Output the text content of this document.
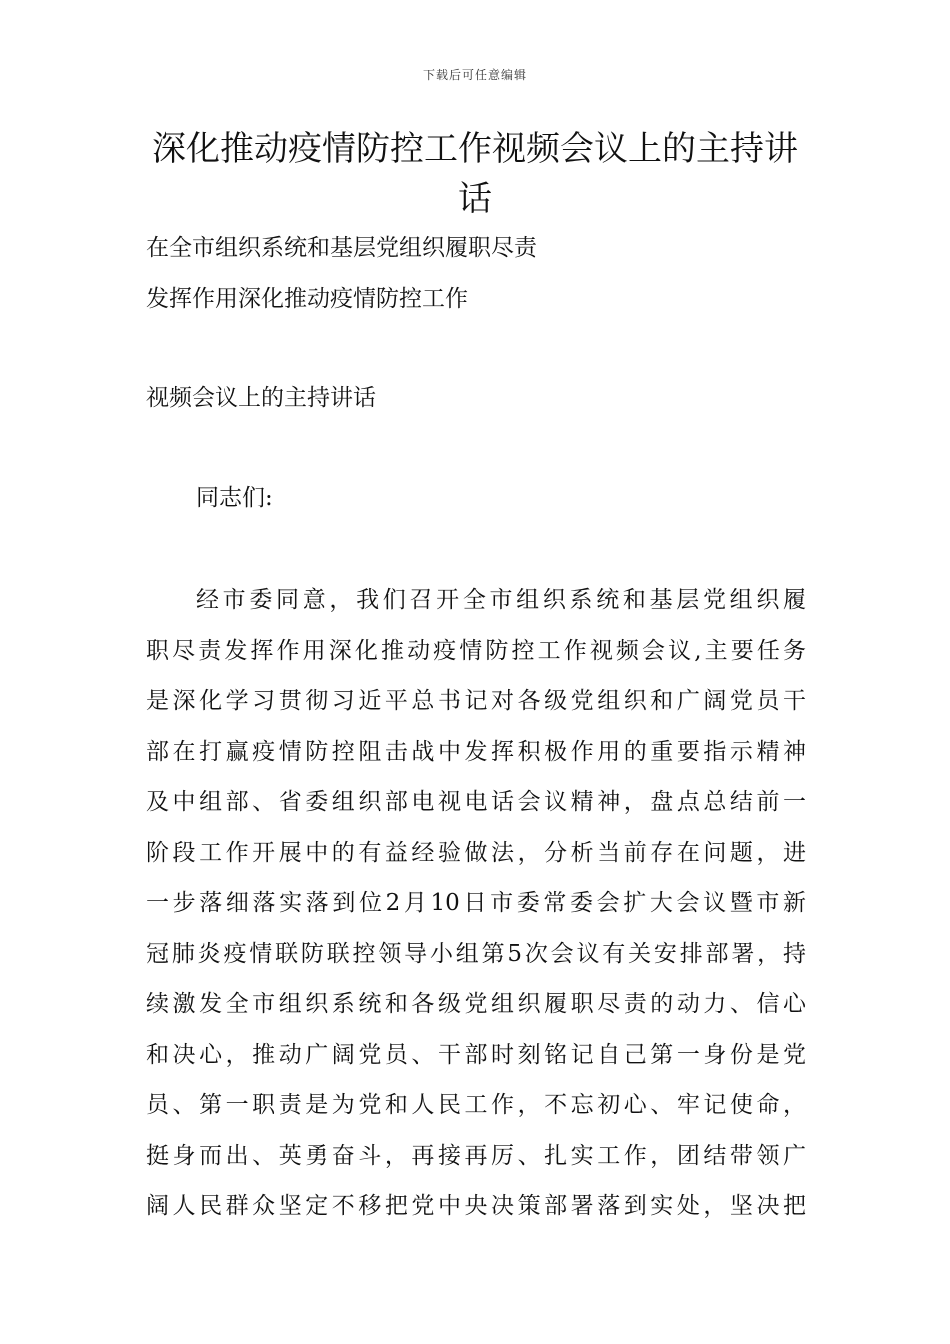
下载后可任意编辑
深化推动疫情防控工作视频会议上的主持讲话
在全市组织系统和基层党组织履职尽责
发挥作用深化推动疫情防控工作
视频会议上的主持讲话
同志们:
经市委同意，我们召开全市组织系统和基层党组织履
职尽责发挥作用深化推动疫情防控工作视频会议,主要任务
是深化学习贯彻习近平总书记对各级党组织和广阔党员干
部在打赢疫情防控阻击战中发挥积极作用的重要指示精神
及中组部、省委组织部电视电话会议精神，盘点总结前一
阶段工作开展中的有益经验做法，分析当前存在问题，进
一步落细落实落到位2月10日市委常委会扩大会议暨市新
冠肺炎疫情联防联控领导小组第5次会议有关安排部署，持
续激发全市组织系统和各级党组织履职尽责的动力、信心
和决心，推动广阔党员、干部时刻铭记自己第一身份是党
员、第一职责是为党和人民工作，不忘初心、牢记使命，
挺身而出、英勇奋斗，再接再厉、扎实工作，团结带领广
阔人民群众坚定不移把党中央决策部署落到实处，坚决把
